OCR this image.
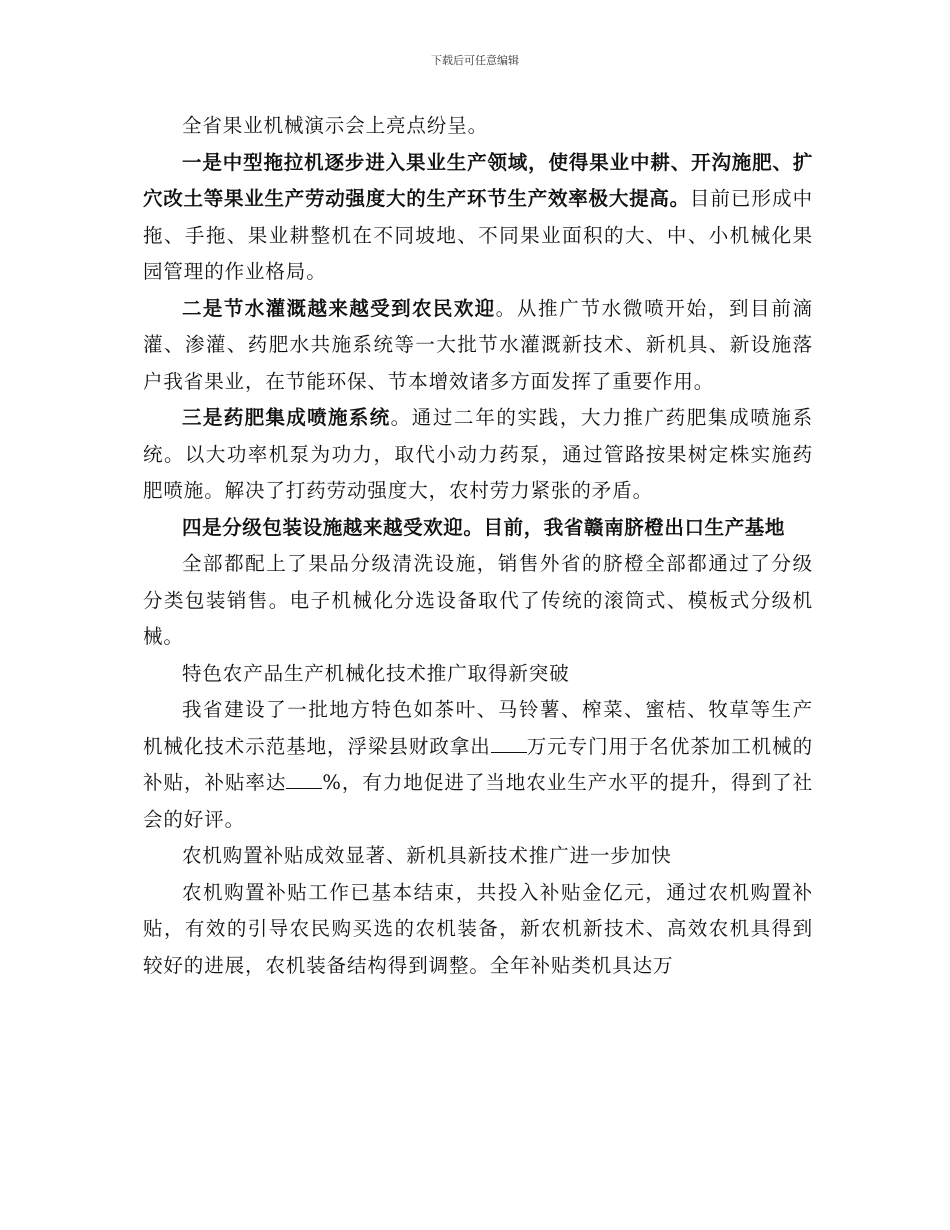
下载后可任意编辑

全省果业机械演示会上亮点纷呈。

一是中型拖拉机逐步进入果业生产领域，使得果业中耕、开沟施肥、扩穴改土等果业生产劳动强度大的生产环节生产效率极大提高。目前已形成中拖、手拖、果业耕整机在不同坡地、不同果业面积的大、中、小机械化果园管理的作业格局。

二是节水灌溉越来越受到农民欢迎。从推广节水微喷开始，到目前滴灌、渗灌、药肥水共施系统等一大批节水灌溉新技术、新机具、新设施落户我省果业，在节能环保、节本增效诸多方面发挥了重要作用。

三是药肥集成喷施系统。通过二年的实践，大力推广药肥集成喷施系统。以大功率机泵为功力，取代小动力药泵，通过管路按果树定株实施药肥喷施。解决了打药劳动强度大，农村劳力紧张的矛盾。

四是分级包装设施越来越受欢迎。目前，我省赣南脐橙出口生产基地

全部都配上了果品分级清洗设施，销售外省的脐橙全部都通过了分级分类包装销售。电子机械化分选设备取代了传统的滚筒式、模板式分级机械。

特色农产品生产机械化技术推广取得新突破

我省建设了一批地方特色如茶叶、马铃薯、榨菜、蜜桔、牧草等生产机械化技术示范基地，浮梁县财政拿出 万元专门用于名优茶加工机械的补贴，补贴率达 %，有力地促进了当地农业生产水平的提升，得到了社会的好评。

农机购置补贴成效显著、新机具新技术推广进一步加快

农机购置补贴工作已基本结束，共投入补贴金亿元，通过农机购置补贴，有效的引导农民购买选的农机装备，新农机新技术、高效农机具得到较好的进展，农机装备结构得到调整。全年补贴类机具达万
